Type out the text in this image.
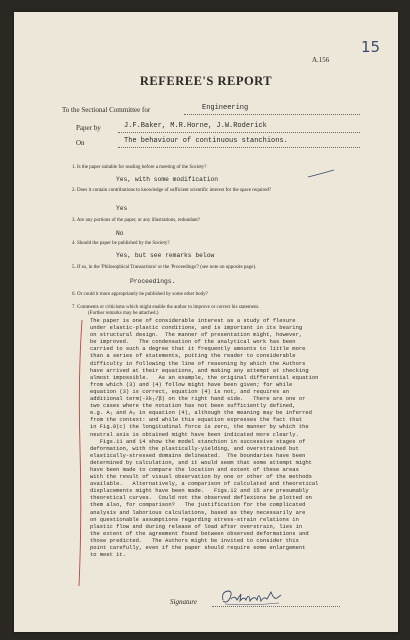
A.156
15
REFEREE'S REPORT
To the Sectional Committee for	Engineering
Paper by	J.F.Baker, M.R.Horne, J.W.Roderick
On	The behaviour of continuous stanchions.
1. Is the paper suitable for reading before a meeting of the Society?
Yes, with some modification
2. Does it contain contributions to knowledge of sufficient scientific interest for the space required?
Yes
3. Are any portions of the paper, or any illustrations, redundant?
No
4. Should the paper be published by the Society?
Yes, but see remarks below
5. If so, in the 'Philosophical Transactions' or the 'Proceedings'? (see note on opposite page).
Proceedings.
6. Or could it more appropriately be published by some other body?
7. Comments or criticisms which might enable the author to improve or correct his statement.
(Further remarks may be attached.)
The paper is one of considerable interest as a study of flexure
under elastic-plastic conditions, and is important in its bearing
on structural design.  The manner of presentation might, however,
be improved.   The condensation of the analytical work has been
carried to such a degree that it frequently amounts to little more
than a series of statements, putting the reader to considerable
difficulty in following the line of reasoning by which the Authors
have arrived at their equations, and making any attempt at checking
almost impossible.   As an example, the original differential equation
from which (3) and (4) follow might have been given; for while
equation (3) is correct, equation (4) is not, and requires an
additional term(-λk₁/β) on the right hand side.   There are one or
two cases where the notation has not been sufficiently defined,
e.g. A₁ and A₂ in equation (4), although the meaning may be inferred
from the context: and while this equation expresses the fact that
in Fig.8(c) the longitudinal force is zero, the manner by which the
neutral axis is obtained might have been indicated more clearly.
Figs.11 and 14 show the model stanchion in successive stages of
deformation, with the plastically-yielding, and overstrained but
elastically-stressed domains delineated.  The boundaries have been
determined by calculation, and it would seem that some attempt might
have been made to compare the location and extent of these areas
with the result of visual observation by one or other of the methods
available.   Alternatively, a comparison of calculated and theoretical
displacements might have been made.   Figs.12 and 15 are presumably
theoretical curves.  Could not the observed deflexions be plotted on
them also, for comparison?   The justification for the complicated
analysis and laborious calculations, based as they necessarily are
on questionable assumptions regarding stress-strain relations in
plastic flow and during release of load after overstrain, lies in
the extent of the agreement found between observed deformations and
those predicted.   The Authors might be invited to consider this
point carefully, even if the paper should require some enlargement
to meet it.
Signature
